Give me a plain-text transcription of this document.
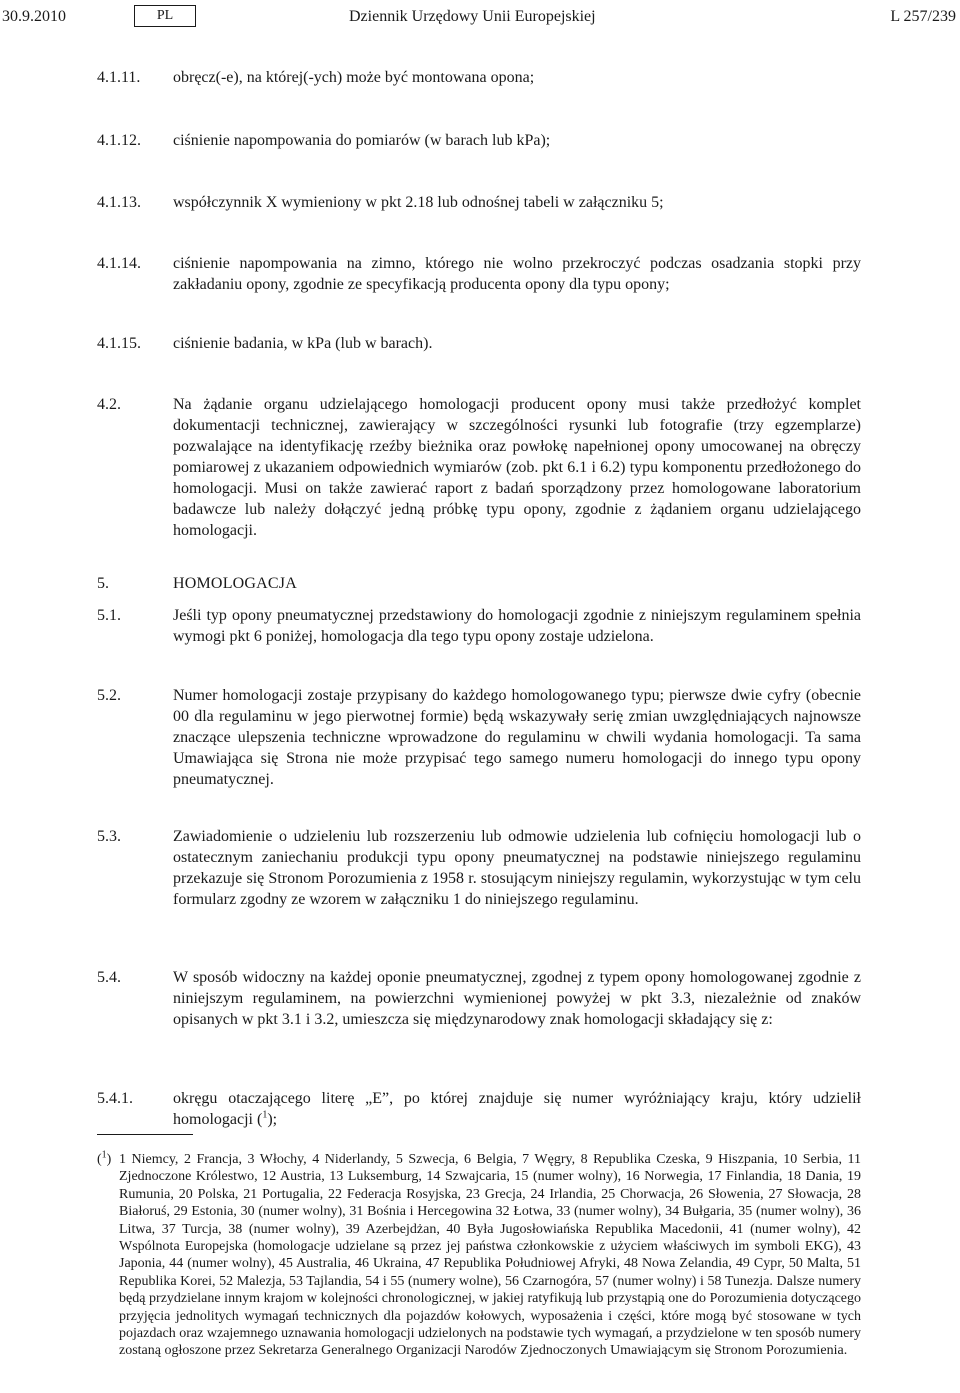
30.9.2010	PL	Dziennik Urzędowy Unii Europejskiej	L 257/239
4.1.11. obręcz(-e), na której(-ych) może być montowana opona;
4.1.12. ciśnienie napompowania do pomiarów (w barach lub kPa);
4.1.13. współczynnik X wymieniony w pkt 2.18 lub odnośnej tabeli w załączniku 5;
4.1.14. ciśnienie napompowania na zimno, którego nie wolno przekroczyć podczas osadzania stopki przy zakładaniu opony, zgodnie ze specyfikacją producenta opony dla typu opony;
4.1.15. ciśnienie badania, w kPa (lub w barach).
4.2.	Na żądanie organu udzielającego homologacji producent opony musi także przedłożyć komplet dokumentacji technicznej, zawierający w szczególności rysunki lub fotografie (trzy egzemplarze) pozwalające na identyfikację rzeźby bieżnika oraz powłokę napełnionej opony umocowanej na obręczy pomiarowej z ukazaniem odpowiednich wymiarów (zob. pkt 6.1 i 6.2) typu komponentu przedłożonego do homologacji. Musi on także zawierać raport z badań sporządzony przez homologowane laboratorium badawcze lub należy dołączyć jedną próbkę typu opony, zgodnie z żądaniem organu udzielającego homologacji.
5.	HOMOLOGACJA
5.1.	Jeśli typ opony pneumatycznej przedstawiony do homologacji zgodnie z niniejszym regulaminem spełnia wymogi pkt 6 poniżej, homologacja dla tego typu opony zostaje udzielona.
5.2.	Numer homologacji zostaje przypisany do każdego homologowanego typu; pierwsze dwie cyfry (obecnie 00 dla regulaminu w jego pierwotnej formie) będą wskazywały serię zmian uwzględniających najnowsze znaczące ulepszenia techniczne wprowadzone do regulaminu w chwili wydania homologacji. Ta sama Umawiająca się Strona nie może przypisać tego samego numeru homologacji do innego typu opony pneumatycznej.
5.3.	Zawiadomienie o udzieleniu lub rozszerzeniu lub odmowie udzielenia lub cofnięciu homologacji lub o ostatecznym zaniechaniu produkcji typu opony pneumatycznej na podstawie niniejszego regulaminu przekazuje się Stronom Porozumienia z 1958 r. stosującym niniejszy regulamin, wykorzystując w tym celu formularz zgodny ze wzorem w załączniku 1 do niniejszego regulaminu.
5.4.	W sposób widoczny na każdej oponie pneumatycznej, zgodnej z typem opony homologowanej zgodnie z niniejszym regulaminem, na powierzchni wymienionej powyżej w pkt 3.3, niezależnie od znaków opisanych w pkt 3.1 i 3.2, umieszcza się międzynarodowy znak homologacji składający się z:
5.4.1.	okręgu otaczającego literę „E”, po której znajduje się numer wyróżniający kraju, który udzielił homologacji ($^1$);
($^1$) 1 Niemcy, 2 Francja, 3 Włochy, 4 Niderlandy, 5 Szwecja, 6 Belgia, 7 Węgry, 8 Republika Czeska, 9 Hiszpania, 10 Serbia, 11 Zjednoczone Królestwo, 12 Austria, 13 Luksemburg, 14 Szwajcaria, 15 (numer wolny), 16 Norwegia, 17 Finlandia, 18 Dania, 19 Rumunia, 20 Polska, 21 Portugalia, 22 Federacja Rosyjska, 23 Grecja, 24 Irlandia, 25 Chorwacja, 26 Słowenia, 27 Słowacja, 28 Białoruś, 29 Estonia, 30 (numer wolny), 31 Bośnia i Hercegowina 32 Łotwa, 33 (numer wolny), 34 Bułgaria, 35 (numer wolny), 36 Litwa, 37 Turcja, 38 (numer wolny), 39 Azerbejdżan, 40 Była Jugosłowiańska Republika Macedonii, 41 (numer wolny), 42 Wspólnota Europejska (homologacje udzielane są przez jej państwa członkowskie z użyciem właściwych im symboli EKG), 43 Japonia, 44 (numer wolny), 45 Australia, 46 Ukraina, 47 Republika Południowej Afryki, 48 Nowa Zelandia, 49 Cypr, 50 Malta, 51 Republika Korei, 52 Malezja, 53 Tajlandia, 54 i 55 (numery wolne), 56 Czarnogóra, 57 (numer wolny) i 58 Tunezja. Dalsze numery będą przydzielane innym krajom w kolejności chronologicznej, w jakiej ratyfikują lub przystąpią one do Porozumienia dotyczącego przyjęcia jednolitych wymagań technicznych dla pojazdów kołowych, wyposażenia i części, które mogą być stosowane w tych pojazdach oraz wzajemnego uznawania homologacji udzielonych na podstawie tych wymagań, a przydzielone w ten sposób numery zostaną ogłoszone przez Sekretarza Generalnego Organizacji Narodów Zjednoczonych Umawiającym się Stronom Porozumienia.
